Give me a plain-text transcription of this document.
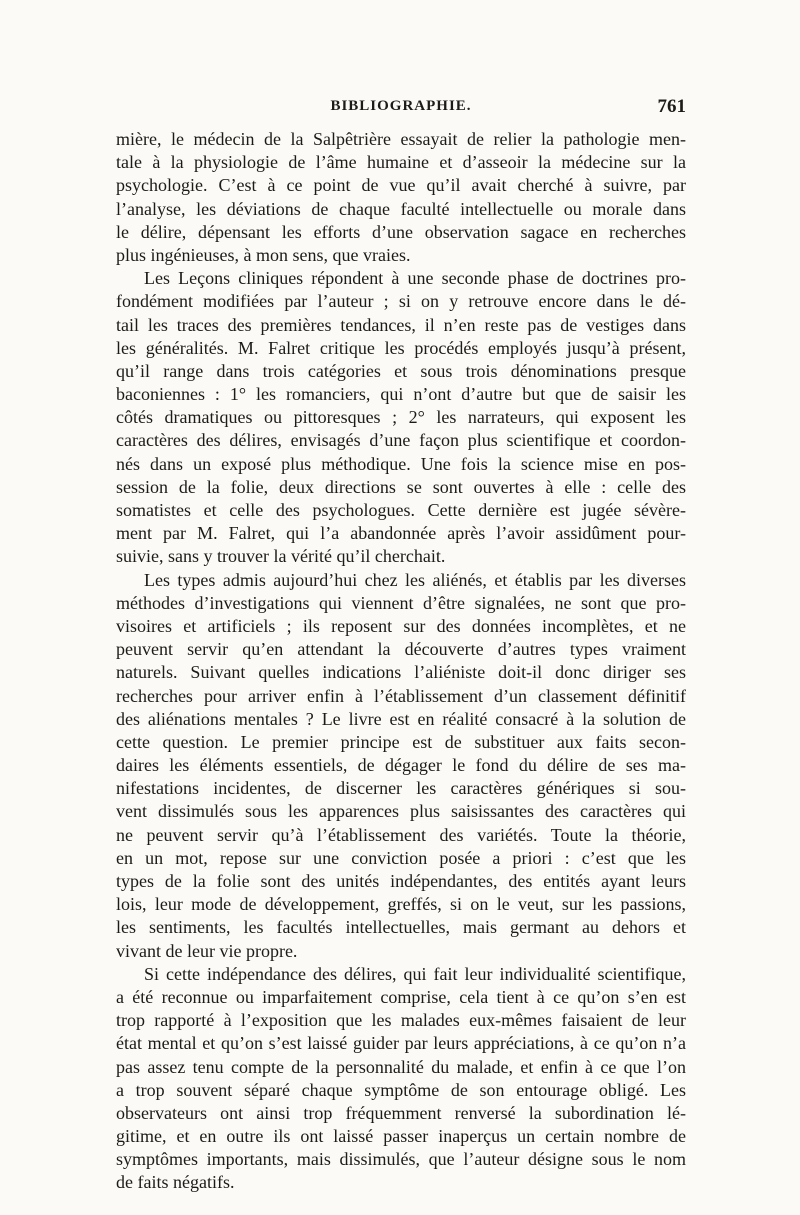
BIBLIOGRAPHIE.	761
mière, le médecin de la Salpêtrière essayait de relier la pathologie men-
tale à la physiologie de l’âme humaine et d’asseoir la médecine sur la
psychologie. C’est à ce point de vue qu’il avait cherché à suivre, par
l’analyse, les déviations de chaque faculté intellectuelle ou morale dans
le délire, dépensant les efforts d’une observation sagace en recherches
plus ingénieuses, à mon sens, que vraies.
Les Leçons cliniques répondent à une seconde phase de doctrines pro-
fondément modifiées par l’auteur ; si on y retrouve encore dans le dé-
tail les traces des premières tendances, il n’en reste pas de vestiges dans
les généralités. M. Falret critique les procédés employés jusqu’à présent,
qu’il range dans trois catégories et sous trois dénominations presque
baconiennes : 1° les romanciers, qui n’ont d’autre but que de saisir les
côtés dramatiques ou pittoresques ; 2° les narrateurs, qui exposent les
caractères des délires, envisagés d’une façon plus scientifique et coordon-
nés dans un exposé plus méthodique. Une fois la science mise en pos-
session de la folie, deux directions se sont ouvertes à elle : celle des
somatistes et celle des psychologues. Cette dernière est jugée sévère-
ment par M. Falret, qui l’a abandonnée après l’avoir assidûment pour-
suivie, sans y trouver la vérité qu’il cherchait.
Les types admis aujourd’hui chez les aliénés, et établis par les diverses
méthodes d’investigations qui viennent d’être signalées, ne sont que pro-
visoires et artificiels ; ils reposent sur des données incomplètes, et ne
peuvent servir qu’en attendant la découverte d’autres types vraiment
naturels. Suivant quelles indications l’aliéniste doit-il donc diriger ses
recherches pour arriver enfin à l’établissement d’un classement définitif
des aliénations mentales ? Le livre est en réalité consacré à la solution de
cette question. Le premier principe est de substituer aux faits secon-
daires les éléments essentiels, de dégager le fond du délire de ses ma-
nifestations incidentes, de discerner les caractères génériques si sou-
vent dissimulés sous les apparences plus saisissantes des caractères qui
ne peuvent servir qu’à l’établissement des variétés. Toute la théorie,
en un mot, repose sur une conviction posée a priori : c’est que les
types de la folie sont des unités indépendantes, des entités ayant leurs
lois, leur mode de développement, greffés, si on le veut, sur les passions,
les sentiments, les facultés intellectuelles, mais germant au dehors et
vivant de leur vie propre.
Si cette indépendance des délires, qui fait leur individualité scientifique,
a été reconnue ou imparfaitement comprise, cela tient à ce qu’on s’en est
trop rapporté à l’exposition que les malades eux-mêmes faisaient de leur
état mental et qu’on s’est laissé guider par leurs appréciations, à ce qu’on n’a
pas assez tenu compte de la personnalité du malade, et enfin à ce que l’on
a trop souvent séparé chaque symptôme de son entourage obligé. Les
observateurs ont ainsi trop fréquemment renversé la subordination lé-
gitime, et en outre ils ont laissé passer inaperçus un certain nombre de
symptômes importants, mais dissimulés, que l’auteur désigne sous le nom
de faits négatifs.
